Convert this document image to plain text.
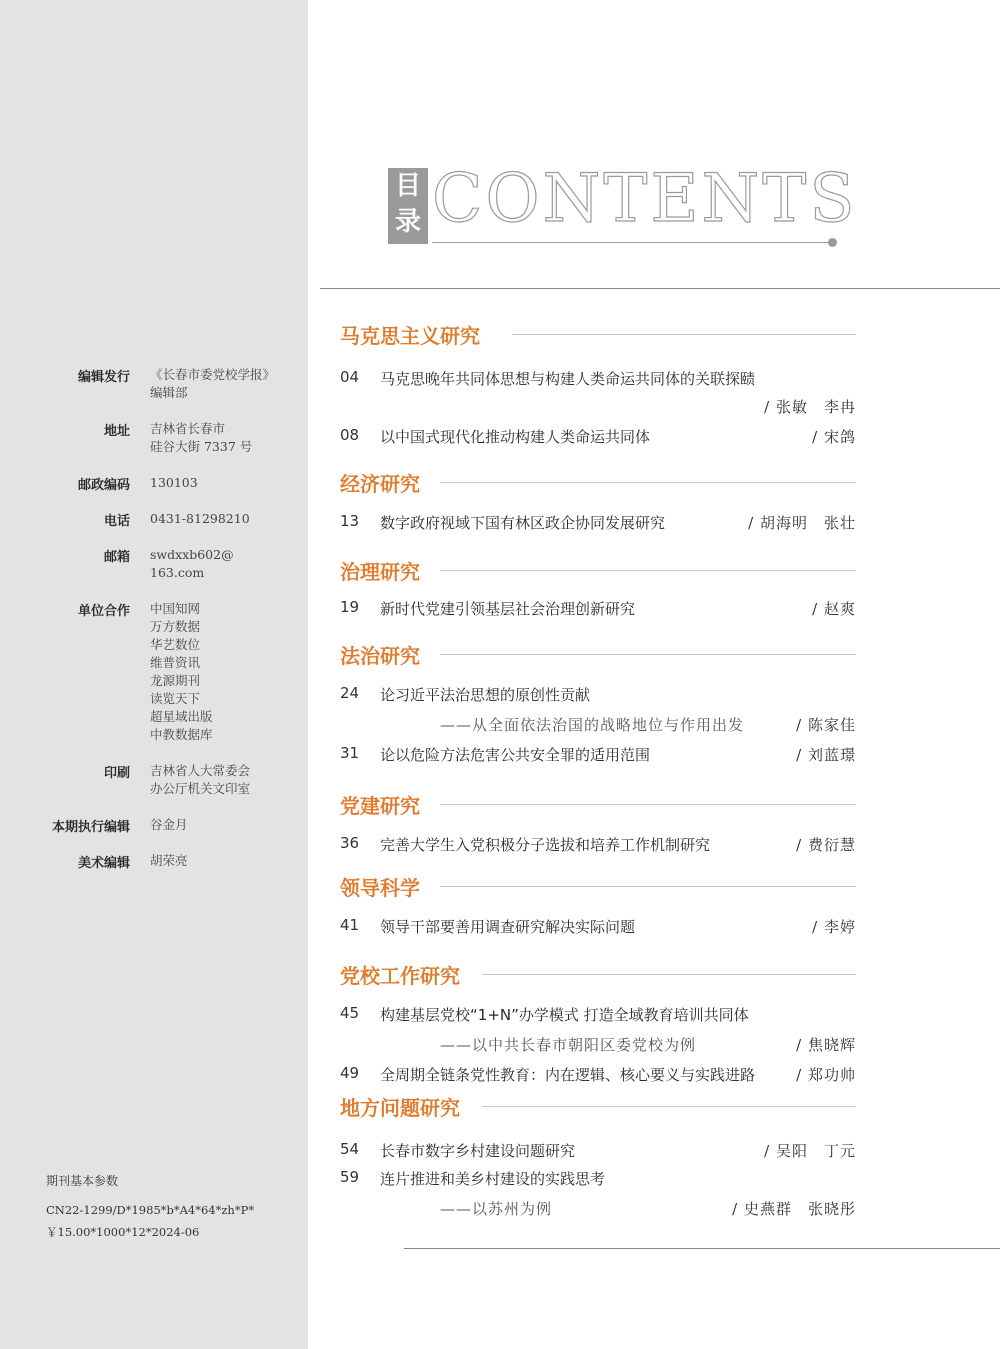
编辑发行 《长春市委党校学报》
编辑部
地址 吉林省长春市
硅谷大街 7337 号
邮政编码 130103
电话 0431-81298210
邮箱 swdxxb602@
163.com
单位合作 中国知网
万方数据
华艺数位
维普资讯
龙源期刊
读览天下
超星域出版
中教数据库
印刷 吉林省人大常委会
办公厅机关文印室
本期执行编辑 谷金月
美术编辑 胡荣亮
期刊基本参数
CN22-1299/D*1985*b*A4*64*zh*P*
￥15.00*1000*12*2024-06
目
录 CONTENTS
马克思主义研究
04 马克思晚年共同体思想与构建人类命运共同体的关联探赜
/ 张敏　李冉
08 以中国式现代化推动构建人类命运共同体	/ 宋鸽
经济研究
13 数字政府视域下国有林区政企协同发展研究	/ 胡海明　张壮
治理研究
19 新时代党建引领基层社会治理创新研究	/ 赵爽
法治研究
24 论习近平法治思想的原创性贡献
——从全面依法治国的战略地位与作用出发	/ 陈家佳
31 论以危险方法危害公共安全罪的适用范围	/ 刘蓝璟
党建研究
36 完善大学生入党积极分子选拔和培养工作机制研究	/ 费衍慧
领导科学
41 领导干部要善用调查研究解决实际问题	/ 李婷
党校工作研究
45 构建基层党校“1+N”办学模式 打造全域教育培训共同体
——以中共长春市朝阳区委党校为例	/ 焦晓辉
49 全周期全链条党性教育：内在逻辑、核心要义与实践进路	/ 郑功帅
地方问题研究
54 长春市数字乡村建设问题研究	/ 吴阳　丁元
59 连片推进和美乡村建设的实践思考
——以苏州为例	/ 史燕群　张晓彤
